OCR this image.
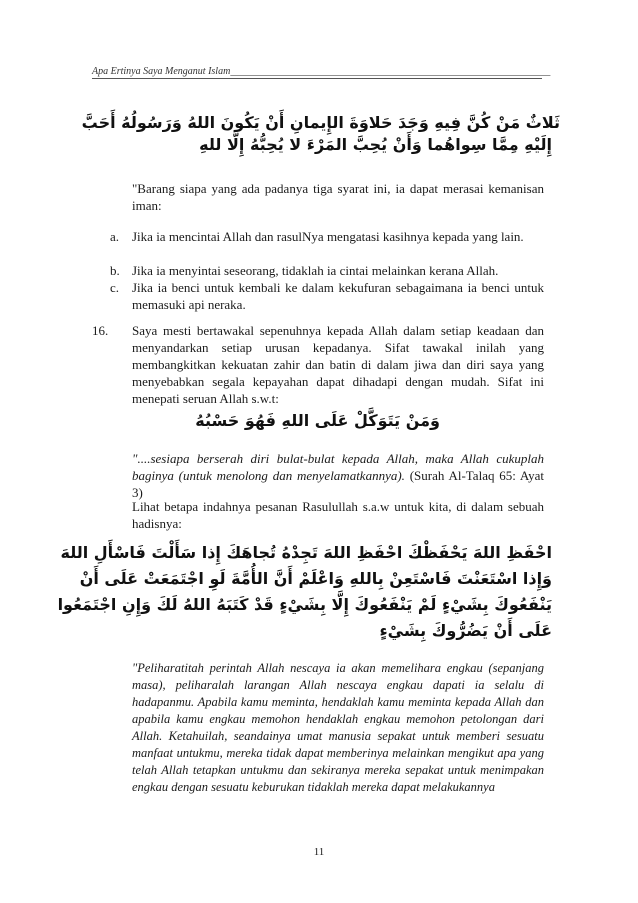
Apa Ertinya Saya Menganut Islam________________________________________________________________
ثَلاثٌ مَنْ كُنَّ فِيهِ وَجَدَ حَلاوَةَ الإِيمانِ أَنْ يَكُونَ اللهُ وَرَسُولُهُ أَحَبَّ
إِلَيْهِ مِمَّا سِواهُما وَأَنْ يُحِبَّ المَرْءَ لا يُحِبُّهُ إِلَّا للهِ
"Barang siapa yang ada padanya tiga syarat ini, ia dapat merasai kemanisan iman:
a. Jika ia mencintai Allah dan rasulNya mengatasi kasihnya kepada yang lain.
b. Jika ia menyintai seseorang, tidaklah ia cintai melainkan kerana Allah.
c. Jika ia benci untuk kembali ke dalam kekufuran sebagaimana ia benci untuk memasuki api neraka.
16. Saya mesti bertawakal sepenuhnya kepada Allah dalam setiap keadaan dan menyandarkan setiap urusan kepadanya. Sifat tawakal inilah yang membangkitkan kekuatan zahir dan batin di dalam jiwa dan diri saya yang menyebabkan segala kepayahan dapat dihadapi dengan mudah. Sifat ini menepati seruan Allah s.w.t:
وَمَنْ يَتَوَكَّلْ عَلَى اللهِ فَهُوَ حَسْبُهُ
"....sesiapa berserah diri bulat-bulat kepada Allah, maka Allah cukuplah baginya (untuk menolong dan menyelamatkannya). (Surah Al-Talaq 65: Ayat 3)
Lihat betapa indahnya pesanan Rasulullah s.a.w untuk kita, di dalam sebuah hadisnya:
احْفَظِ اللهَ يَحْفَظْكَ احْفَظِ اللهَ تَجِدْهُ تُجاهَكَ إِذا سَأَلْتَ فَاسْأَلِ اللهَ
وَإِذا اسْتَعَنْتَ فَاسْتَعِنْ بِاللهِ وَاعْلَمْ أَنَّ الأُمَّةَ لَوِ اجْتَمَعَتْ عَلَى أَنْ
يَنْفَعُوكَ بِشَيْءٍ لَمْ يَنْفَعُوكَ إِلَّا بِشَيْءٍ قَدْ كَتَبَهُ اللهُ لَكَ وَإِنِ اجْتَمَعُوا
عَلَى أَنْ يَضُرُّوكَ بِشَيْءٍ
"Peliharatitah perintah Allah nescaya ia akan memelihara engkau (sepanjang masa), peliharalah larangan Allah nescaya engkau dapati ia selalu di hadapanmu. Apabila kamu meminta, hendaklah kamu meminta kepada Allah dan apabila kamu engkau memohon hendaklah engkau memohon petolongan dari Allah. Ketahuilah, seandainya umat manusia sepakat untuk memberi sesuatu manfaat untukmu, mereka tidak dapat memberinya melainkan mengikut apa yang telah Allah tetapkan untukmu dan sekiranya mereka sepakat untuk menimpakan engkau dengan sesuatu keburukan tidaklah mereka dapat melakukannya
11
